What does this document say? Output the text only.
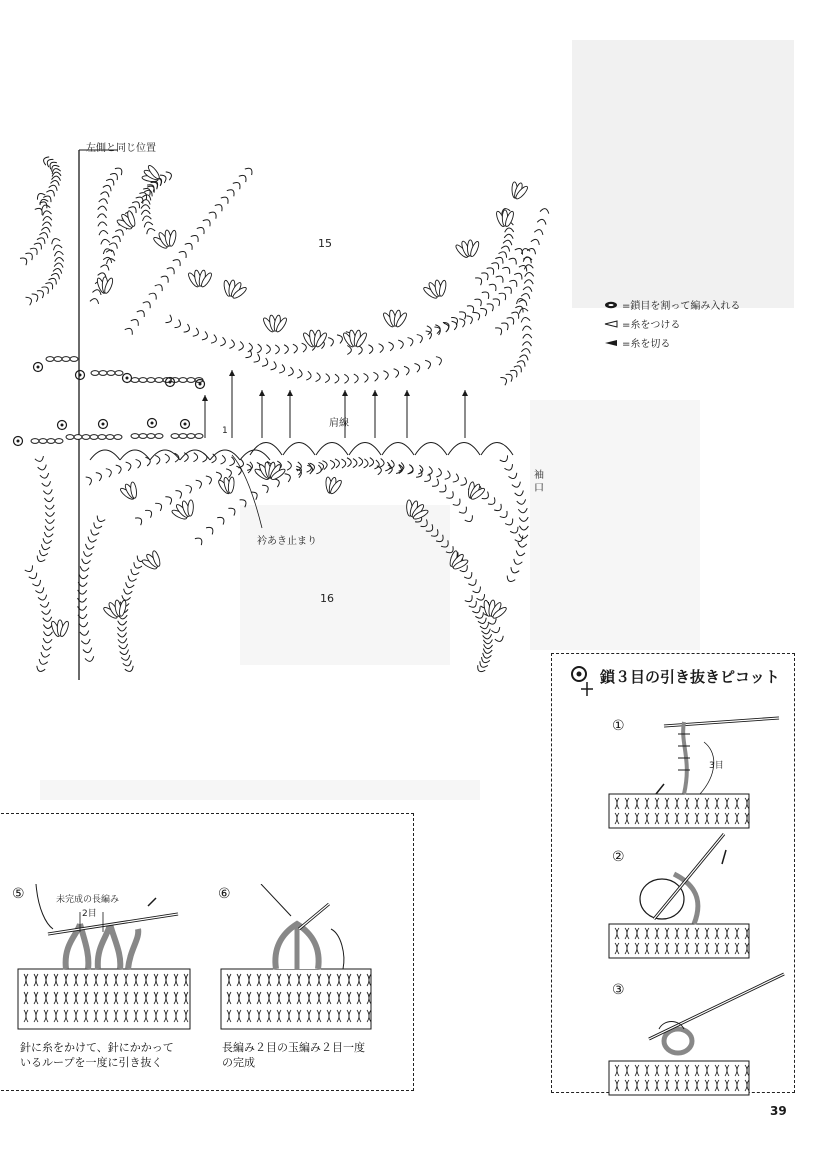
左側と同じ位置
15
16
肩線
衿あき止まり
袖
口
1
=鎖目を割って編み入れる
=糸をつける
=糸を切る
鎖３目の引き抜きピコット
①
②
③
3目
⑤	⑥
未完成の長編み
2目
針に糸をかけて、針にかかって
いるループを一度に引き抜く
長編み２目の玉編み２目一度
の完成
39
